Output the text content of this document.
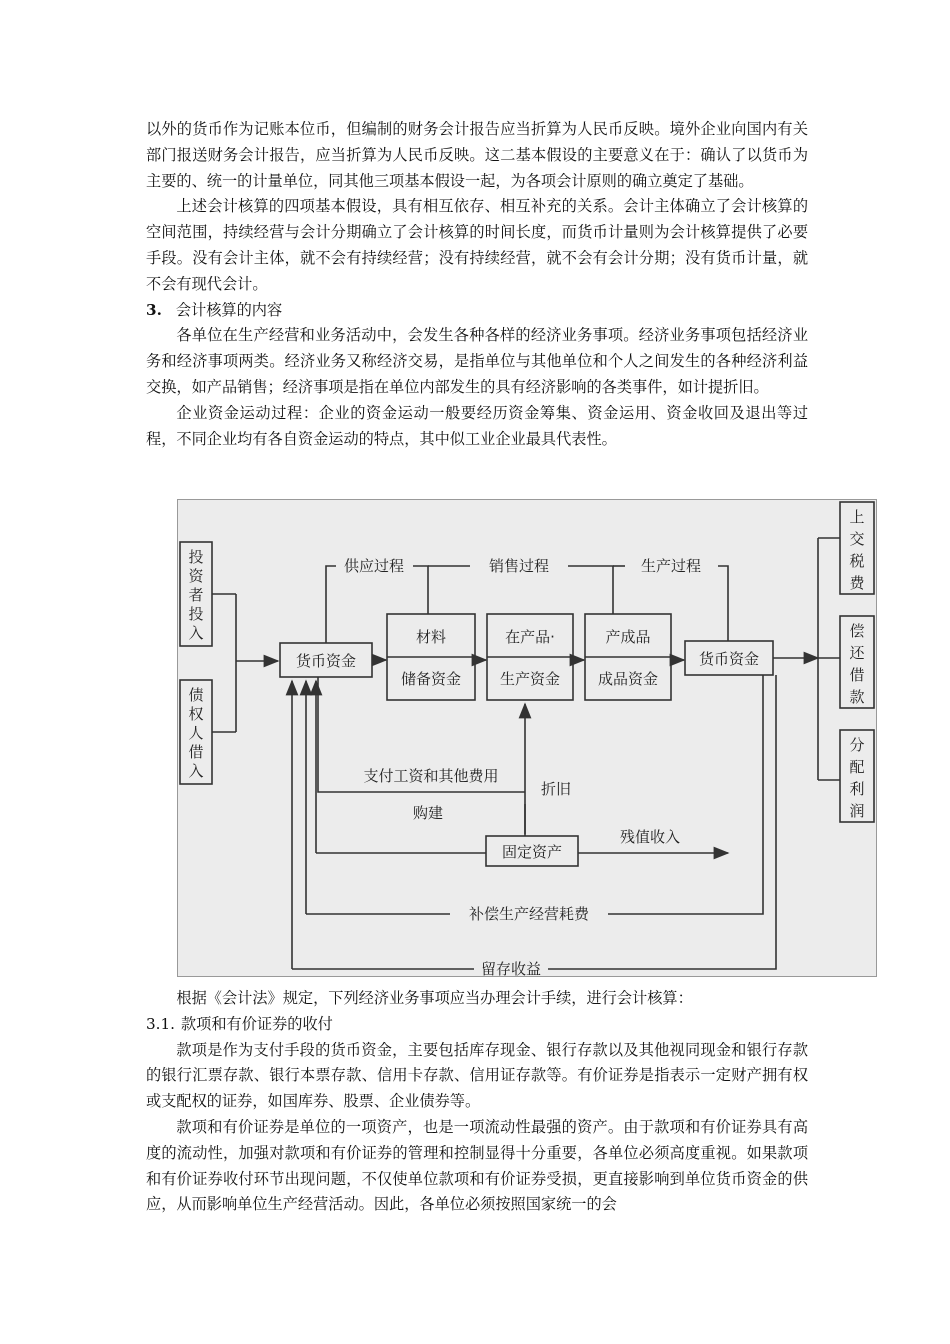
以外的货币作为记账本位币，但编制的财务会计报告应当折算为人民币反映。境外企业向国内有关部门报送财务会计报告，应当折算为人民币反映。这二基本假设的主要意义在于：确认了以货币为主要的、统一的计量单位，同其他三项基本假设一起，为各项会计原则的确立奠定了基础。

上述会计核算的四项基本假设，具有相互依存、相互补充的关系。会计主体确立了会计核算的空间范围，持续经营与会计分期确立了会计核算的时间长度，而货币计量则为会计核算提供了必要手段。没有会计主体，就不会有持续经营；没有持续经营，就不会有会计分期；没有货币计量，就不会有现代会计。

3. 会计核算的内容

各单位在生产经营和业务活动中，会发生各种各样的经济业务事项。经济业务事项包括经济业务和经济事项两类。经济业务又称经济交易，是指单位与其他单位和个人之间发生的各种经济利益交换，如产品销售；经济事项是指在单位内部发生的具有经济影响的各类事件，如计提折旧。

企业资金运动过程：企业的资金运动一般要经历资金筹集、资金运用、资金收回及退出等过程，不同企业均有各自资金运动的特点，其中似工业企业最具代表性。

货币资金	货币资金
材料
储备资金
在产品·
生产资金
产成品
成品资金
供应过程	销售过程	生产过程
支付工资和其他费用
折旧
购建
固定资产
残值收入
补偿生产经营耗费
留存收益
投资者投入
债权人借入
上交税费
偿还借款
分配利润

根据《会计法》规定，下列经济业务事项应当办理会计手续，进行会计核算：

3.1. 款项和有价证券的收付

款项是作为支付手段的货币资金，主要包括库存现金、银行存款以及其他视同现金和银行存款的银行汇票存款、银行本票存款、信用卡存款、信用证存款等。有价证券是指表示一定财产拥有权或支配权的证券，如国库券、股票、企业债券等。

款项和有价证券是单位的一项资产，也是一项流动性最强的资产。由于款项和有价证券具有高度的流动性，加强对款项和有价证券的管理和控制显得十分重要，各单位必须高度重视。如果款项和有价证券收付环节出现问题，不仅使单位款项和有价证券受损，更直接影响到单位货币资金的供应，从而影响单位生产经营活动。因此，各单位必须按照国家统一的会
